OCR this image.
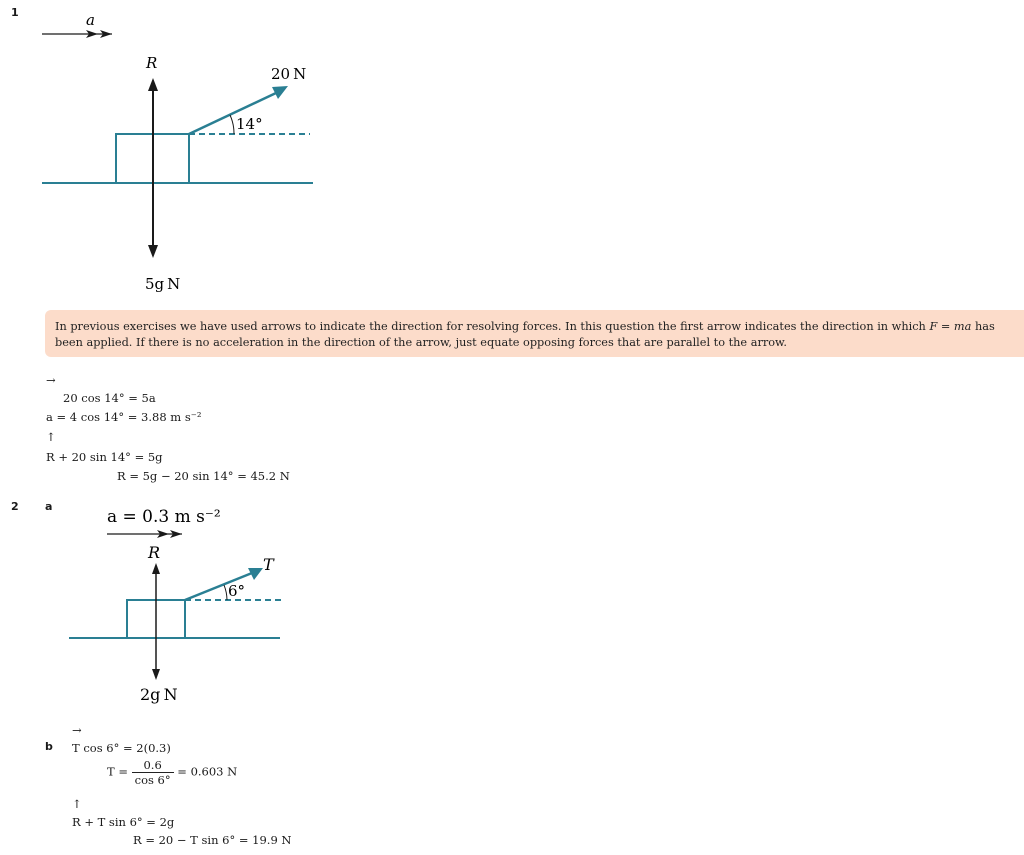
1	a
14°
20 N
R
5g N
In previous exercises we have used arrows to indicate the direction for resolving forces. In this question the first arrow indicates the direction in which F = ma has been applied. If there is no acceleration in the direction of the arrow, just equate opposing forces that are parallel to the arrow.
→
20 cos 14° = 5a
a = 4 cos 14° = 3.88 m s⁻²
↑
R + 20 sin 14° = 5g
R = 5g − 20 sin 14° = 45.2 N
2 a
a = 0.3 m s⁻²
R
6°
T
2g N
b
→
T cos 6° = 2(0.3)
$T = \frac{0.6}{\cos 6^\circ} = 0.603$ N
↑
R + T sin 6° = 2g
R = 20 − T sin 6° = 19.9 N
